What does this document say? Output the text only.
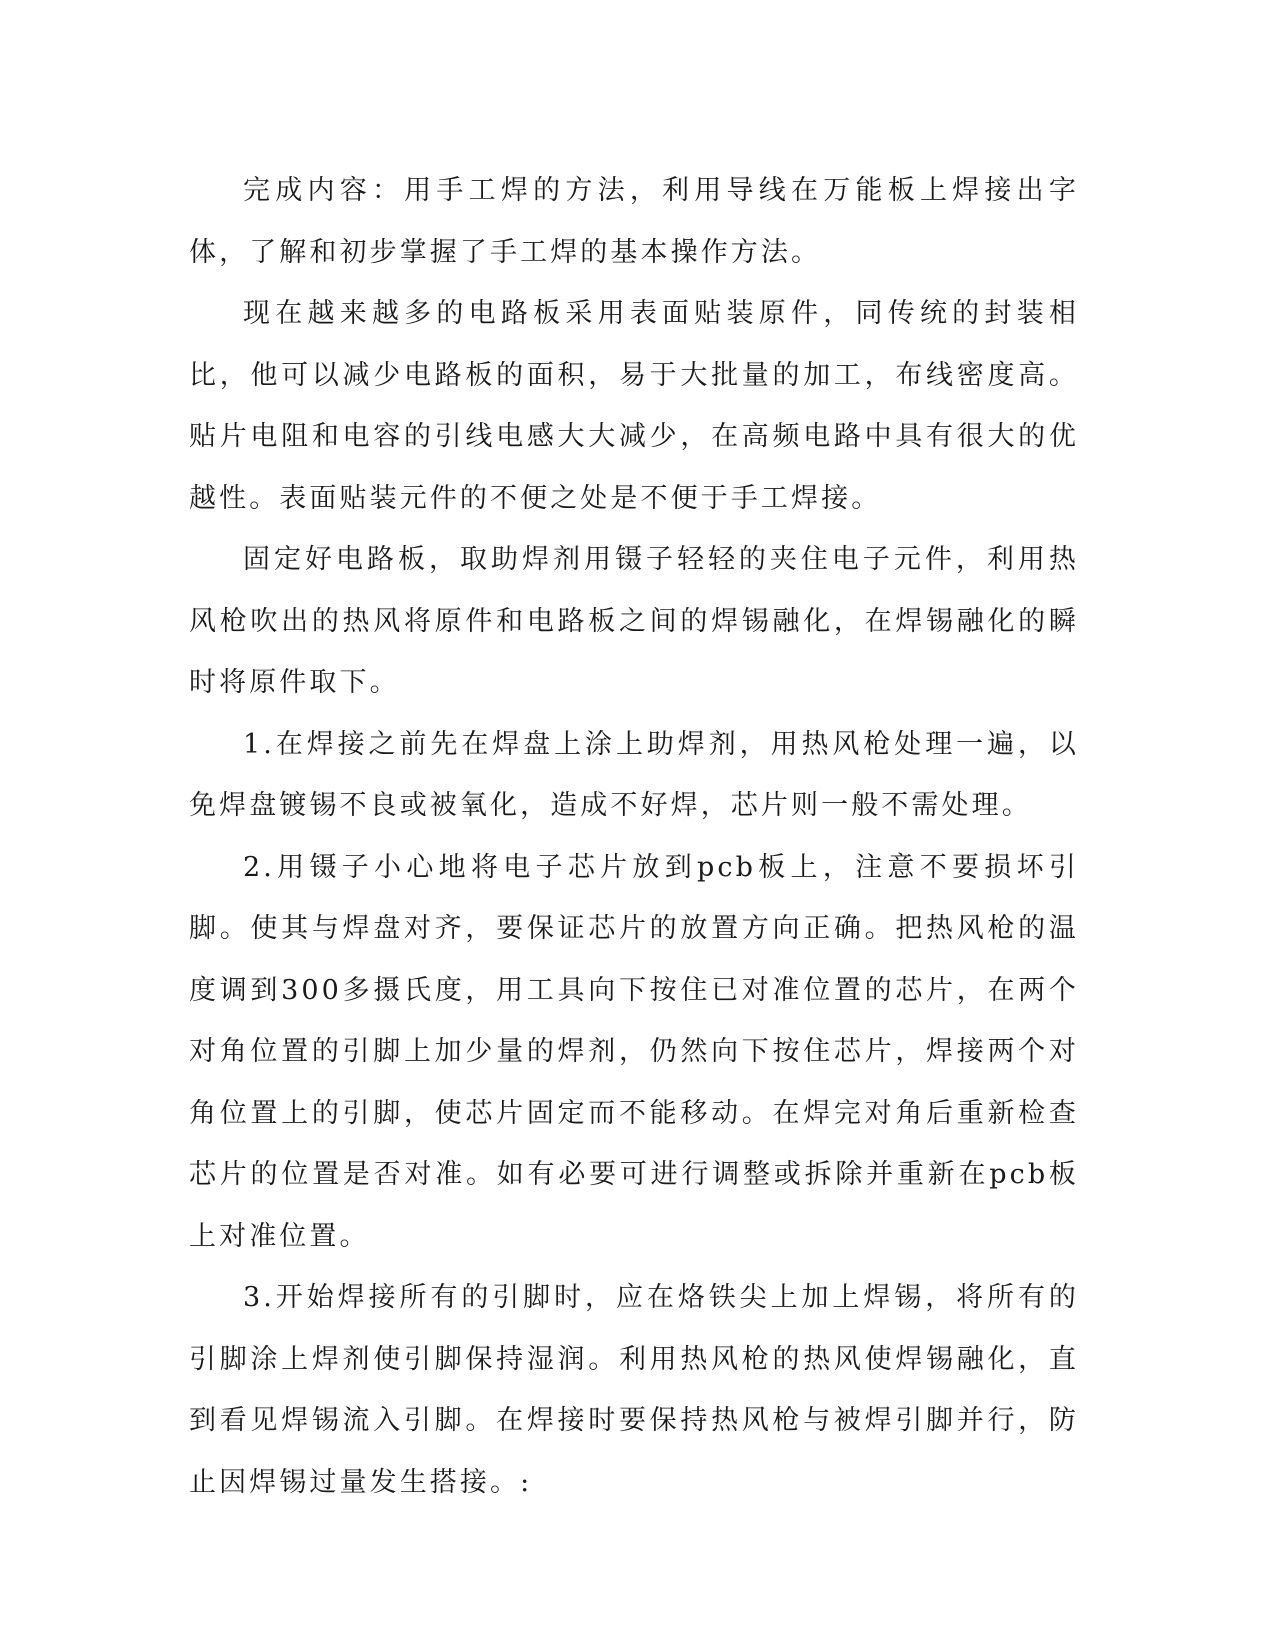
完成内容：用手工焊的方法，利用导线在万能板上焊接出字体，了解和初步掌握了手工焊的基本操作方法。

现在越来越多的电路板采用表面贴装原件，同传统的封装相比，他可以减少电路板的面积，易于大批量的加工，布线密度高。贴片电阻和电容的引线电感大大减少，在高频电路中具有很大的优越性。表面贴装元件的不便之处是不便于手工焊接。

固定好电路板，取助焊剂用镊子轻轻的夹住电子元件，利用热风枪吹出的热风将原件和电路板之间的焊锡融化，在焊锡融化的瞬时将原件取下。

1.在焊接之前先在焊盘上涂上助焊剂，用热风枪处理一遍，以免焊盘镀锡不良或被氧化，造成不好焊，芯片则一般不需处理。

2.用镊子小心地将电子芯片放到pcb板上，注意不要损坏引脚。使其与焊盘对齐，要保证芯片的放置方向正确。把热风枪的温度调到300多摄氏度，用工具向下按住已对准位置的芯片，在两个对角位置的引脚上加少量的焊剂，仍然向下按住芯片，焊接两个对角位置上的引脚，使芯片固定而不能移动。在焊完对角后重新检查芯片的位置是否对准。如有必要可进行调整或拆除并重新在pcb板上对准位置。

3.开始焊接所有的引脚时，应在烙铁尖上加上焊锡，将所有的引脚涂上焊剂使引脚保持湿润。利用热风枪的热风使焊锡融化，直到看见焊锡流入引脚。在焊接时要保持热风枪与被焊引脚并行，防止因焊锡过量发生搭接。:
